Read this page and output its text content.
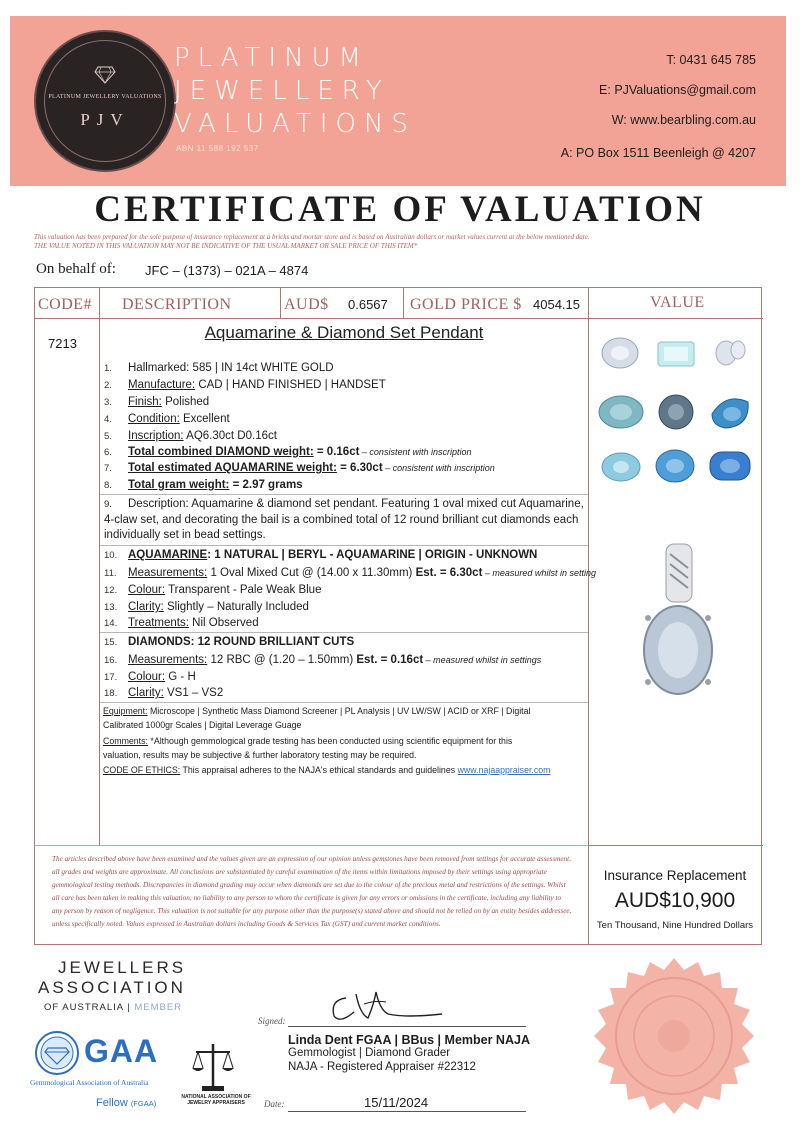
PLATINUM JEWELLERY VALUATIONS
PJV
PLATINUM
JEWELLERY
VALUATIONS
ABN 11 588 192 537
T: 0431 645 785
E: PJValuations@gmail.com
W: www.bearbling.com.au
A: PO Box 1511 Beenleigh @ 4207
CERTIFICATE OF VALUATION
This valuation has been prepared for the sole purpose of insurance replacement at a bricks and mortar store and is based on Australian dollars or market values current at the below mentioned date.
THE VALUE NOTED IN THIS VALUATION MAY NOT BE INDICATIVE OF THE USUAL MARKET OR SALE PRICE OF THIS ITEM*
On behalf of: JFC – (1373) – 021A – 4874
CODE# DESCRIPTION	AUD$ 0.6567 GOLD PRICE $ 4054.15	VALUE
7213
Aquamarine & Diamond Set Pendant
1. Hallmarked: 585 | IN 14ct WHITE GOLD
2. Manufacture: CAD | HAND FINISHED | HANDSET
3. Finish: Polished
4. Condition: Excellent
5. Inscription: AQ6.30ct D0.16ct
6. Total combined DIAMOND weight: = 0.16ct – consistent with inscription
7. Total estimated AQUAMARINE weight: = 6.30ct – consistent with inscription
8. Total gram weight: = 2.97 grams
9. Description: Aquamarine & diamond set pendant. Featuring 1 oval mixed cut Aquamarine, 4-claw set, and decorating the bail is a combined total of 12 round brilliant cut diamonds each individually set in bead settings.
10. AQUAMARINE: 1 NATURAL | BERYL - AQUAMARINE | ORIGIN - UNKNOWN
11. Measurements: 1 Oval Mixed Cut @ (14.00 x 11.30mm) Est. = 6.30ct – measured whilst in setting
12. Colour: Transparent - Pale Weak Blue
13. Clarity: Slightly – Naturally Included
14. Treatments: Nil Observed
15. DIAMONDS: 12 ROUND BRILLIANT CUTS
16. Measurements: 12 RBC @ (1.20 – 1.50mm) Est. = 0.16ct – measured whilst in settings
17. Colour: G - H
18. Clarity: VS1 – VS2
Equipment: Microscope | Synthetic Mass Diamond Screener | PL Analysis | UV LW/SW | ACID or XRF | Digital
Calibrated 1000gr Scales | Digital Leverage Guage
Comments: *Although gemmological grade testing has been conducted using scientific equipment for this
valuation, results may be subjective & further laboratory testing may be required.
CODE OF ETHICS: This appraisal adheres to the NAJA's ethical standards and guidelines www.najaappraiser.com
The articles described above have been examined and the values given are an expression of our opinion unless gemstones have been removed from settings for accurate assessment, all grades and weights are approximate. All conclusions are substantiated by careful examination of the items within limitations imposed by their settings using appropriate gemmological testing methods. Discrepancies in diamond grading may occur when diamonds are set due to the colour of the precious metal and restrictions of the settings. Whilst all care has been taken in making this valuation, no liability to any person to whom the certificate is given for any errors or omissions in the certificate, including any liability to any person by reason of negligence. This valuation is not suitable for any purpose other than the purpose(s) stated above and should not be relied on by an entity besides addressee, unless specifically noted. Values expressed in Australian dollars including Goods & Services Tax (GST) and current market conditions.
Insurance Replacement
AUD$10,900
Ten Thousand, Nine Hundred Dollars
JEWELLERS
ASSOCIATION
OF AUSTRALIA | MEMBER
GAA
Gemmological Association of Australia
Fellow (FGAA)
NATIONAL ASSOCIATION OF
JEWELRY APPRAISERS
Signed:
Linda Dent FGAA | BBus | Member NAJA
Gemmologist | Diamond Grader
NAJA - Registered Appraiser #22312
Date:	15/11/2024
